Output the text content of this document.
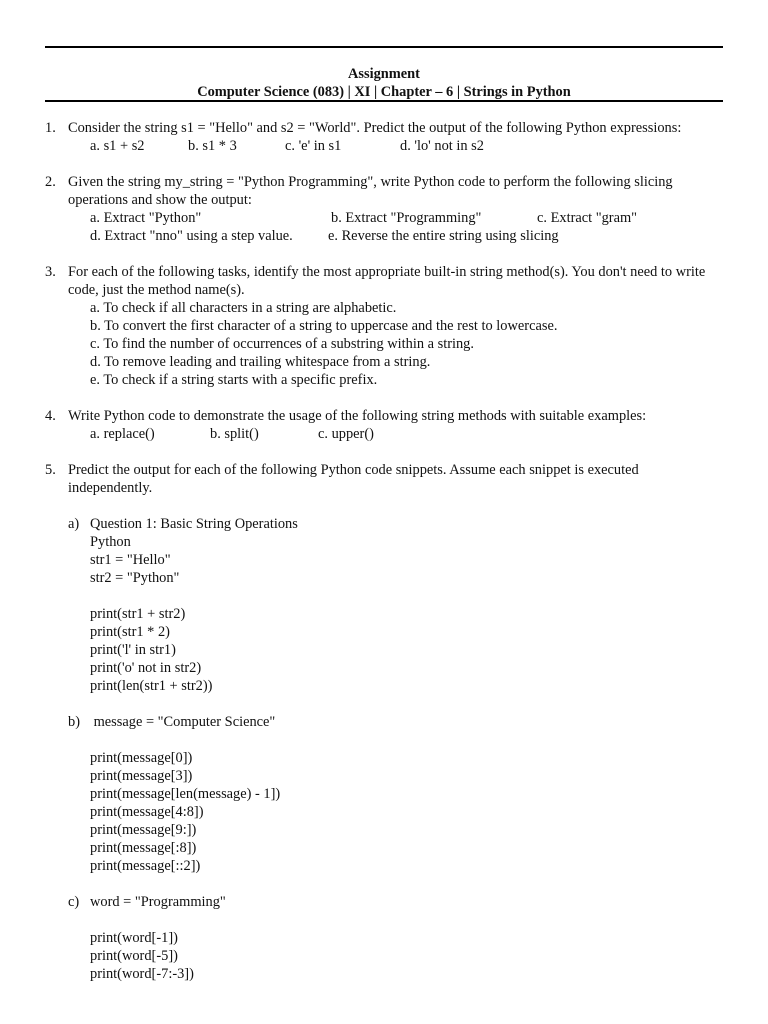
Assignment
Computer Science (083) | XI | Chapter – 6 | Strings in Python
1. Consider the string s1 = "Hello" and s2 = "World". Predict the output of the following Python expressions:
a. s1 + s2	b. s1 * 3	c. 'e' in s1	d. 'lo' not in s2
2. Given the string my_string = "Python Programming", write Python code to perform the following slicing operations and show the output:
a. Extract "Python"	b. Extract "Programming"	c. Extract "gram"
d. Extract "nno" using a step value. e. Reverse the entire string using slicing
3. For each of the following tasks, identify the most appropriate built-in string method(s). You don't need to write code, just the method name(s).
a. To check if all characters in a string are alphabetic.
b. To convert the first character of a string to uppercase and the rest to lowercase.
c. To find the number of occurrences of a substring within a string.
d. To remove leading and trailing whitespace from a string.
e. To check if a string starts with a specific prefix.
4. Write Python code to demonstrate the usage of the following string methods with suitable examples:
a. replace()	b. split()	c. upper()
5. Predict the output for each of the following Python code snippets. Assume each snippet is executed independently.
a) Question 1: Basic String Operations
Python
str1 = "Hello"
str2 = "Python"
print(str1 + str2)
print(str1 * 2)
print('l' in str1)
print('o' not in str2)
print(len(str1 + str2))
b) message = "Computer Science"
print(message[0])
print(message[3])
print(message[len(message) - 1])
print(message[4:8])
print(message[9:])
print(message[:8])
print(message[::2])
c) word = "Programming"
print(word[-1])
print(word[-5])
print(word[-7:-3])
